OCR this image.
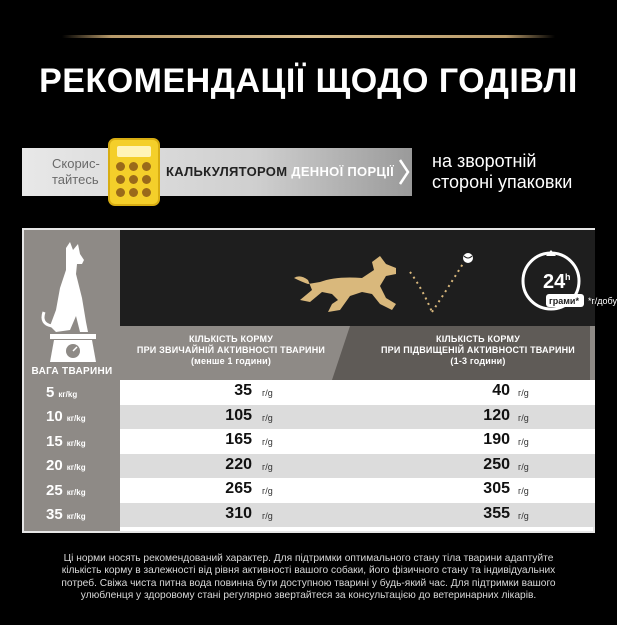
РЕКОМЕНДАЦІЇ ЩОДО ГОДІВЛІ
Скорис-
тайтесь
КАЛЬКУЛЯТОРОМ ДЕННОЇ ПОРЦІЇ
на зворотній
стороні упаковки
ВАГА ТВАРИНИ
24 h
грами* *г/добу
КІЛЬКІСТЬ КОРМУ
ПРИ ЗВИЧАЙНІЙ АКТИВНОСТІ ТВАРИНИ
(менше 1 години)
КІЛЬКІСТЬ КОРМУ
ПРИ ПІДВИЩЕНІЙ АКТИВНОСТІ ТВАРИНИ
(1-3 години)
5 кг/kg	35 г/g	40 г/g
10 кг/kg	105 г/g	120 г/g
15 кг/kg	165 г/g	190 г/g
20 кг/kg	220 г/g	250 г/g
25 кг/kg	265 г/g	305 г/g
35 кг/kg	310 г/g	355 г/g
Ці норми носять рекомендований характер. Для підтримки оптимального стану тіла тварини адаптуйте
кількість корму в залежності від рівня активності вашого собаки, його фізичного стану та індивідуальних
потреб. Свіжа чиста питна вода повинна бути доступною тварині у будь-який час. Для підтримки вашого
улюбленця у здоровому стані регулярно звертайтеся за консультацією до ветеринарних лікарів.
